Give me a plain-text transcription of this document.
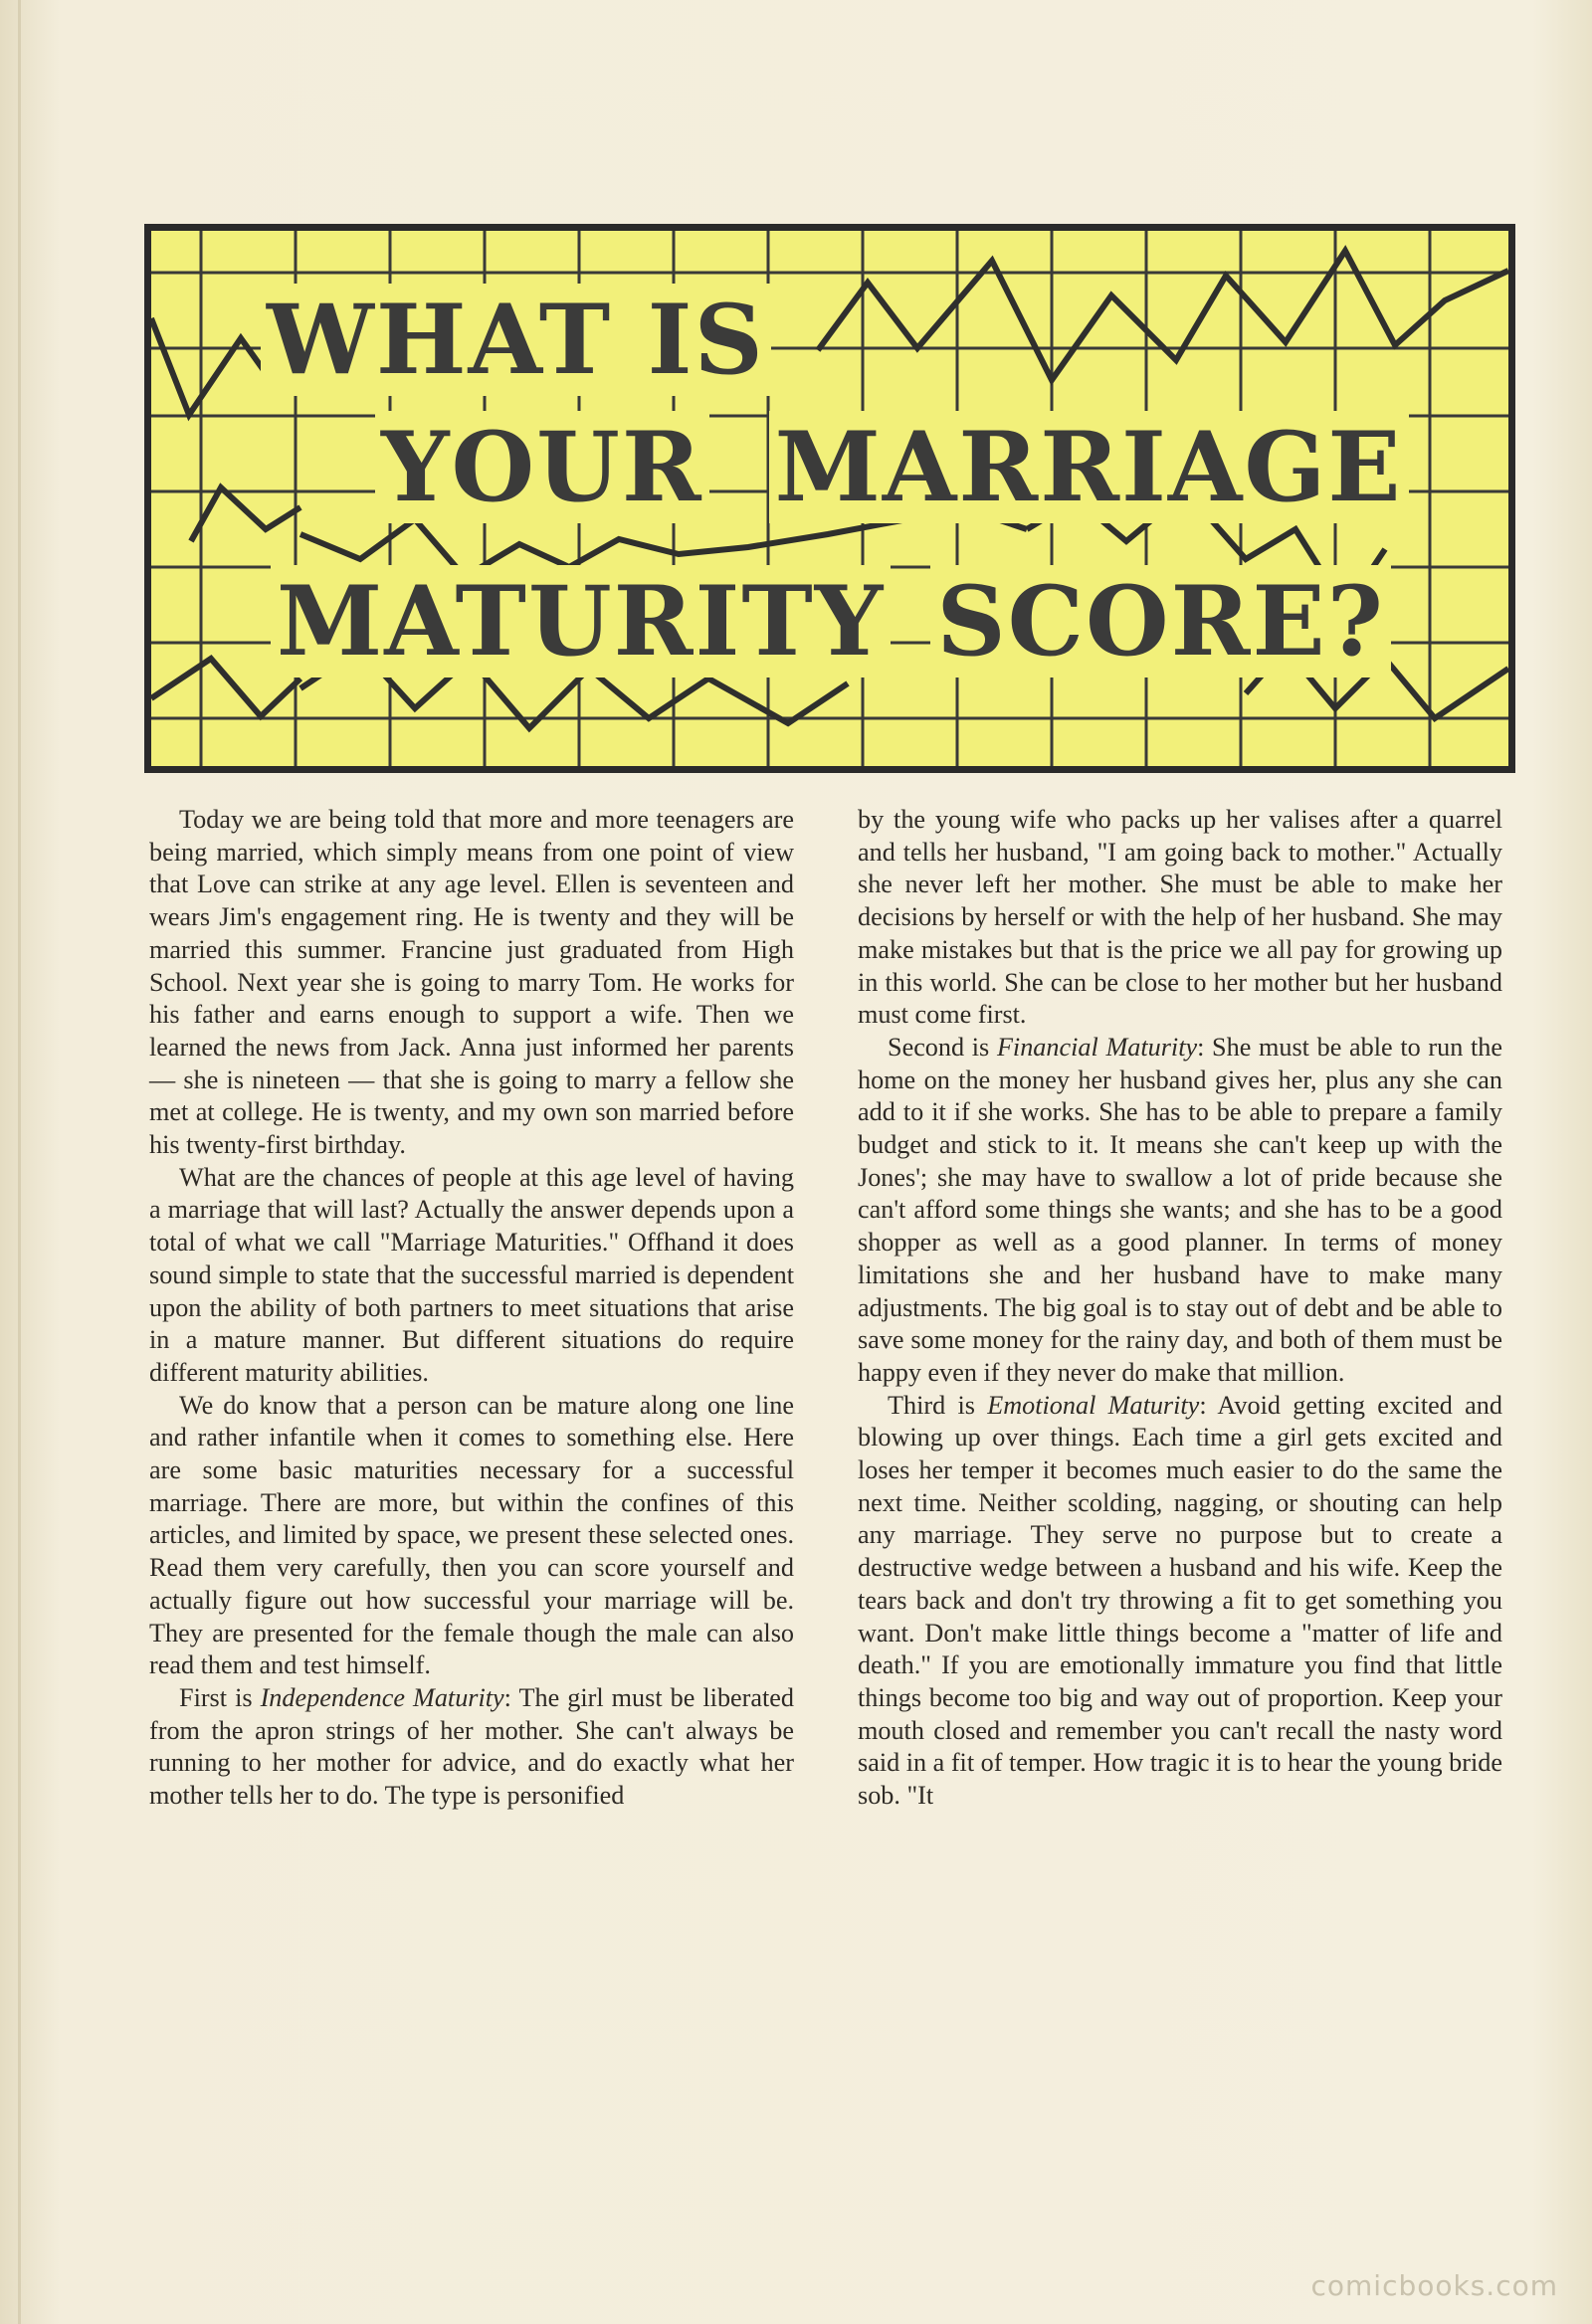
WHAT IS
YOUR MARRIAGE
MATURITY SCORE?

Today we are being told that more and more teenagers are being married, which simply means from one point of view that Love can strike at any age level. Ellen is seventeen and wears Jim's engagement ring. He is twenty and they will be married this summer. Francine just graduated from High School. Next year she is going to marry Tom. He works for his father and earns enough to support a wife. Then we learned the news from Jack. Anna just informed her parents — she is nineteen — that she is going to marry a fellow she met at college. He is twenty, and my own son married before his twenty-first birthday.

What are the chances of people at this age level of having a marriage that will last? Actually the answer depends upon a total of what we call "Marriage Maturities." Offhand it does sound simple to state that the successful married is dependent upon the ability of both partners to meet situations that arise in a mature manner. But different situations do require different maturity abilities.

We do know that a person can be mature along one line and rather infantile when it comes to something else. Here are some basic maturities necessary for a successful marriage. There are more, but within the confines of this articles, and limited by space, we present these selected ones. Read them very carefully, then you can score yourself and actually figure out how successful your marriage will be. They are presented for the female though the male can also read them and test himself.

First is Independence Maturity: The girl must be liberated from the apron strings of her mother. She can't always be running to her mother for advice, and do exactly what her mother tells her to do. The type is personified

by the young wife who packs up her valises after a quarrel and tells her husband, "I am going back to mother." Actually she never left her mother. She must be able to make her decisions by herself or with the help of her husband. She may make mistakes but that is the price we all pay for growing up in this world. She can be close to her mother but her husband must come first.

Second is Financial Maturity: She must be able to run the home on the money her husband gives her, plus any she can add to it if she works. She has to be able to prepare a family budget and stick to it. It means she can't keep up with the Jones'; she may have to swallow a lot of pride because she can't afford some things she wants; and she has to be a good shopper as well as a good planner. In terms of money limitations she and her husband have to make many adjustments. The big goal is to stay out of debt and be able to save some money for the rainy day, and both of them must be happy even if they never do make that million.

Third is Emotional Maturity: Avoid getting excited and blowing up over things. Each time a girl gets excited and loses her temper it becomes much easier to do the same the next time. Neither scolding, nagging, or shouting can help any marriage. They serve no purpose but to create a destructive wedge between a husband and his wife. Keep the tears back and don't try throwing a fit to get something you want. Don't make little things become a "matter of life and death." If you are emotionally immature you find that little things become too big and way out of proportion. Keep your mouth closed and remember you can't recall the nasty word said in a fit of temper. How tragic it is to hear the young bride sob. "It

comicbooks.com
